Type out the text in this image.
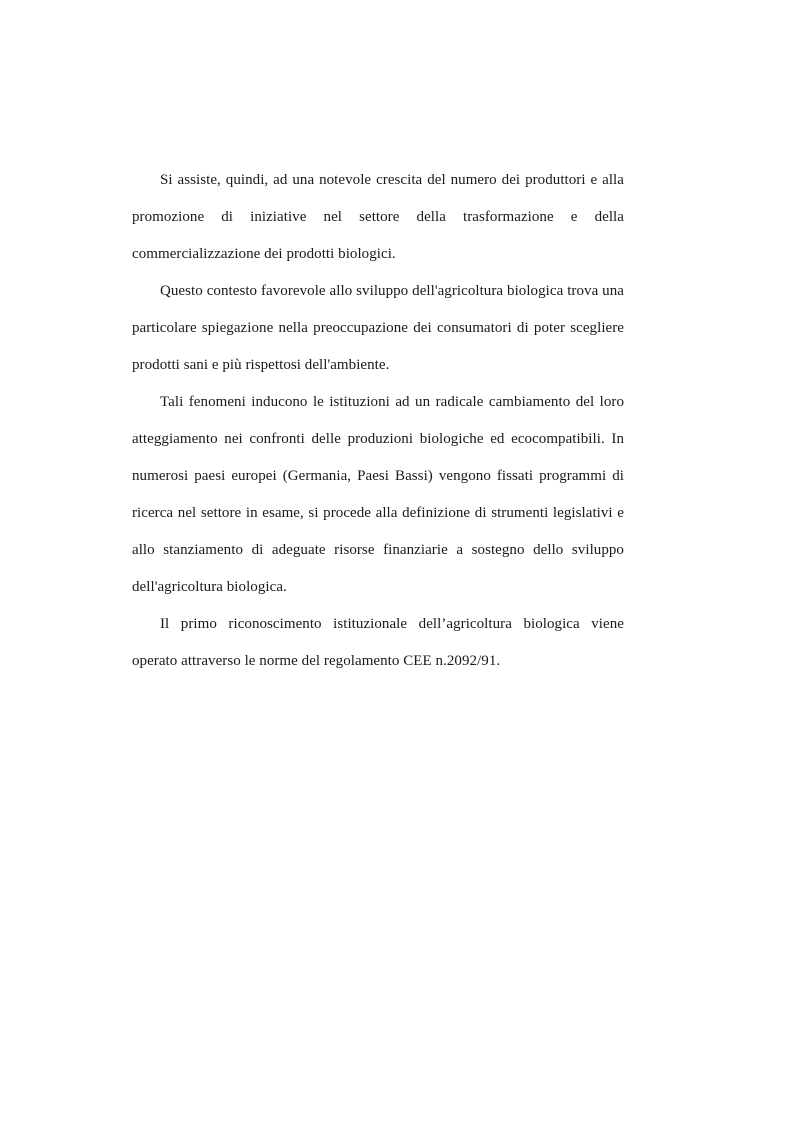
Si assiste, quindi, ad una notevole crescita del numero dei produttori e alla promozione di iniziative nel settore della trasformazione e della commercializzazione dei prodotti biologici.

Questo contesto favorevole allo sviluppo dell'agricoltura biologica trova una particolare spiegazione nella preoccupazione dei consumatori di poter scegliere prodotti sani e più rispettosi dell'ambiente.

Tali fenomeni inducono le istituzioni ad un radicale cambiamento del loro atteggiamento nei confronti delle produzioni biologiche ed ecocompatibili. In numerosi paesi europei (Germania, Paesi Bassi) vengono fissati programmi di ricerca nel settore in esame, si procede alla definizione di strumenti legislativi e allo stanziamento di adeguate risorse finanziarie a sostegno dello sviluppo dell'agricoltura biologica.

Il primo riconoscimento istituzionale dell’agricoltura biologica viene operato attraverso le norme del regolamento CEE n.2092/91.
